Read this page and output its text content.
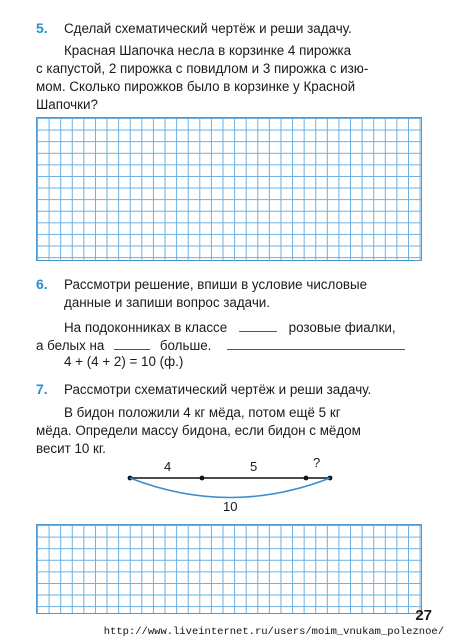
5. Сделай схематический чертёж и реши задачу.
Красная Шапочка несла в корзинке 4 пирожка
с капустой, 2 пирожка с повидлом и 3 пирожка с изю-
мом. Сколько пирожков было в корзинке у Красной
Шапочки?
6. Рассмотри решение, впиши в условие числовые
данные и запиши вопрос задачи.
На подоконниках в классе	розовые фиалки,
а белых на	больше.
4 + (4 + 2) = 10 (ф.)
7. Рассмотри схематический чертёж и реши задачу.
В бидон положили 4 кг мёда, потом ещё 5 кг
мёда. Определи массу бидона, если бидон с мёдом
весит 10 кг.
4	5	?
10
27
http://www.liveinternet.ru/users/moim_vnukam_poleznoe/
